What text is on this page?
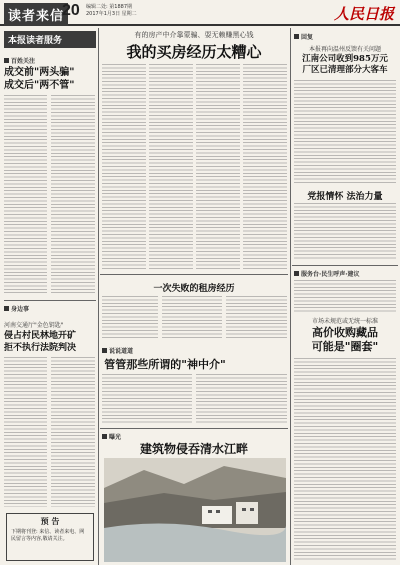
读者来信
20 编辑二处: 第1887期
2017年1月3日 星期二	人民日报
本报读者服务
百姓关注
成交前"两头骗"
成交后"两不管"
身边事
河南交通厅"金色钥匙"
侵占村民林地开矿
拒不执行法院判决
预 告
下期将刊登: 来信、读者来电、网民留言等内容,敬请关注。
有的房产中介靠蒙骗、耍无赖赚黑心钱
我的买房经历太糟心
一次失败的租房经历
说说道道
管管那些所谓的"神中介"
曝光
建筑物侵吞清水江畔
回复
本报再向温州反馈有关问题
江南公司收到985万元
厂区已清理部分大客车
党报情怀 法治力量
服务台·民生呼声·建议
市场未规范或无统一标准
高价收购藏品
可能是"圈套"
